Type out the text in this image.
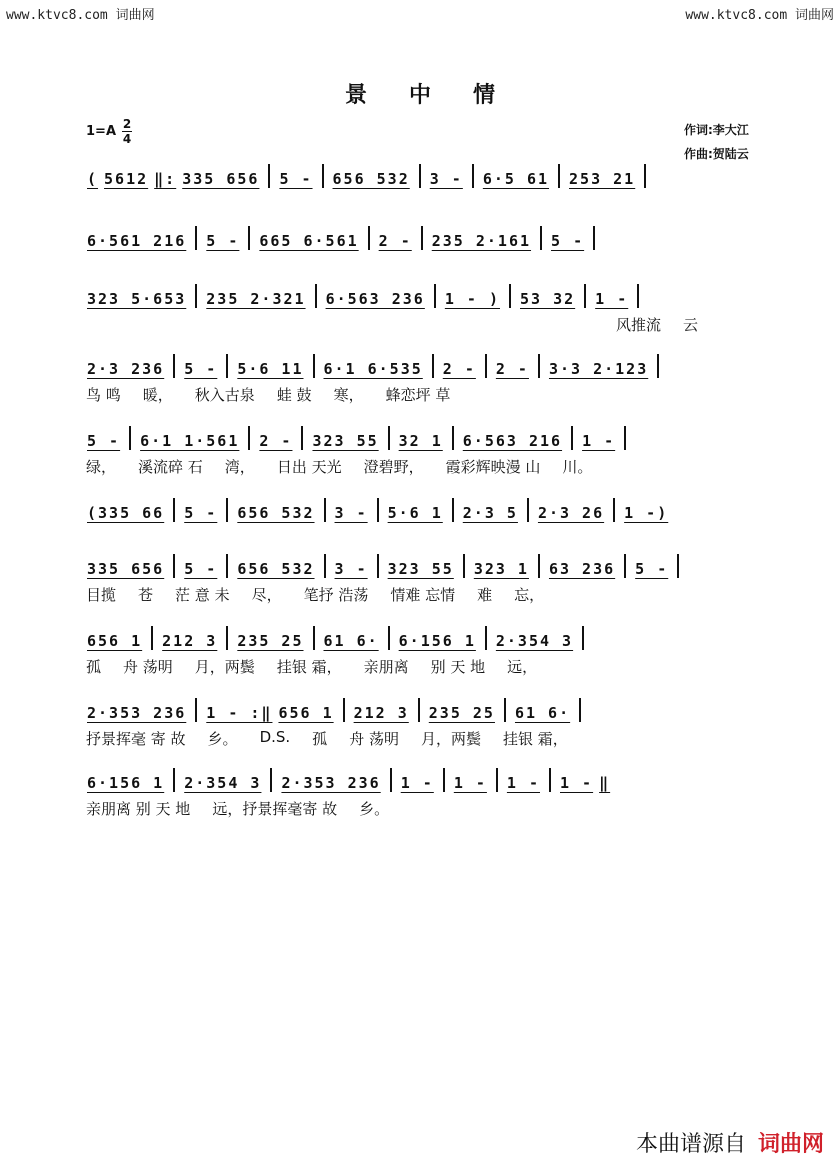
www.ktvc8.com 词曲网	www.ktvc8.com 词曲网
景中情
$1=A \frac{2}{4}$	作词:李大江
作曲:贺陆云
( 5612 ‖: 335 656 5 - 656 532 3 - 6·5 61 253 21
6·561 216 5 - 665 6·561 2 - 235 2·161 5 -
323 5·653 235 2·321 6·563 236 1 - ) 53 32 1 -
风推流 云
2·3 236 5 - 5·6 11 6·1 6·535 2 - 2 - 3·3 2·123
鸟 鸣 暖， 秋入古泉 蛙 鼓 寒， 蜂恋坪 草
5 - 6·1 1·561 2 - 323 55 32 1 6·563 216 1 -
绿， 溪流碎 石 湾， 日出 天光 澄碧野， 霞彩辉映漫 山 川。
(335 66 5 - 656 532 3 - 5·6 1 2·3 5 2·3 26 1 -)
335 656 5 - 656 532 3 - 323 55 323 1 63 236 5 -
目揽 苍 茫 意 未 尽， 笔抒 浩荡 情难 忘情 难 忘，
656 1 212 3 235 25 61 6· 6·156 1 2·354 3
孤 舟 荡明 月，两鬓 挂银 霜， 亲朋离 别 天 地 远，
2·353 236 1 - :‖ 656 1 212 3 235 25 61 6·
抒景挥毫 寄 故 乡。 D.S. 孤 舟 荡明 月，两鬓 挂银 霜，
6·156 1 2·354 3 2·353 236 1 - 1 - 1 - 1 - ‖
亲朋离 别 天 地 远，抒景挥毫寄 故 乡。
本曲谱源自 词曲网
